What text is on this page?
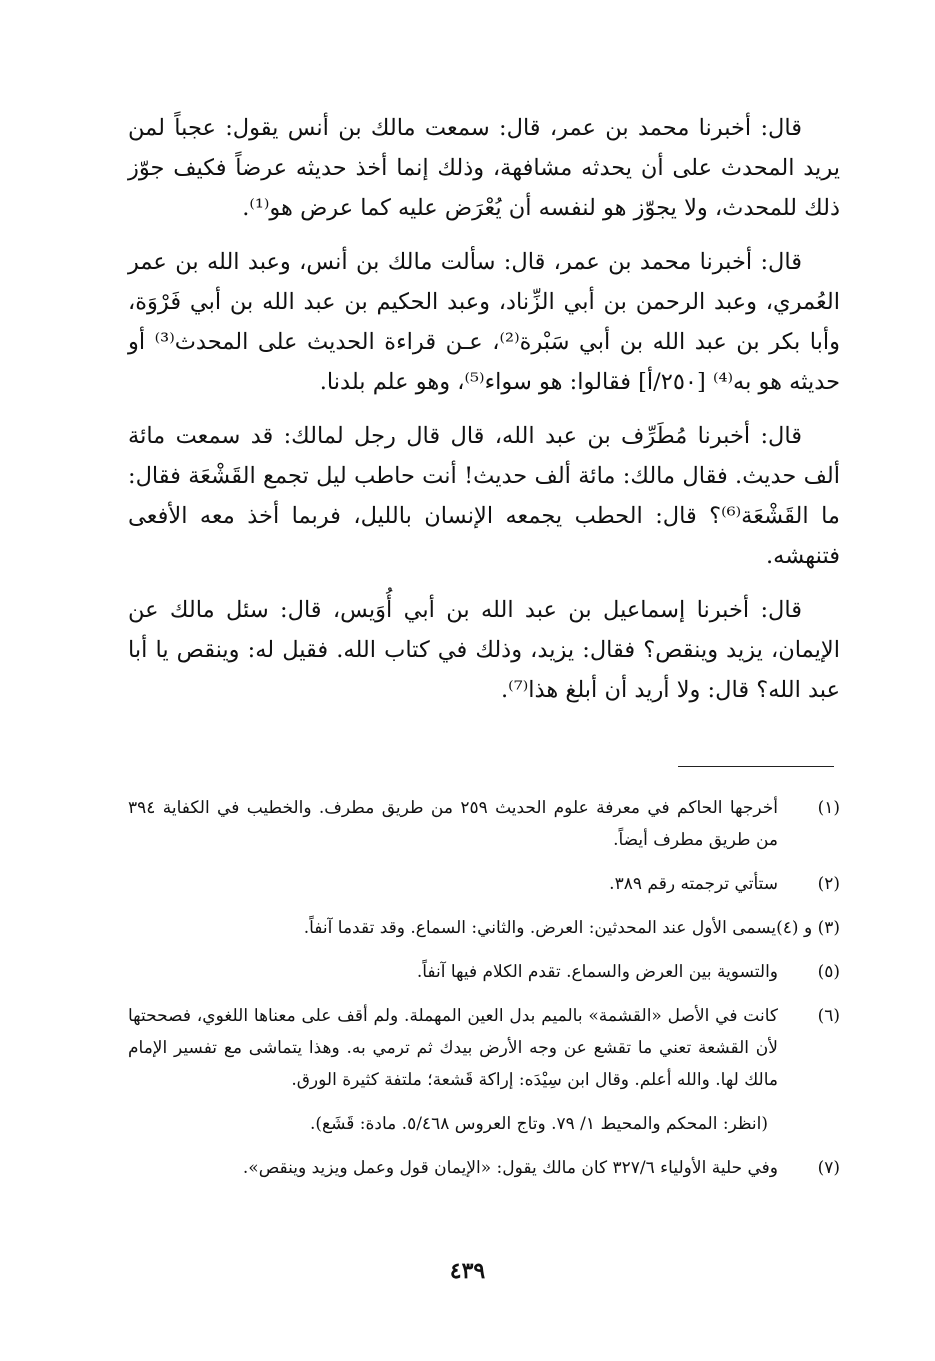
قال: أخبرنا محمد بن عمر، قال: سمعت مالك بن أنس يقول: عجباً لمن يريد المحدث على أن يحدثه مشافهة، وذلك إنما أخذ حديثه عرضاً فكيف جوّز ذلك للمحدث، ولا يجوّز هو لنفسه أن يُعْرَض عليه كما عرض هو⁽¹⁾.

قال: أخبرنا محمد بن عمر، قال: سألت مالك بن أنس، وعبد الله بن عمر العُمري، وعبد الرحمن بن أبي الزِّناد، وعبد الحكيم بن عبد الله بن أبي فَرْوَة، وأبا بكر بن عبد الله بن أبي سَبْرة⁽²⁾، عـن قراءة الحديث على المحدث⁽³⁾ أو حديثه هو به⁽⁴⁾ [٢٥٠/أ] فقالوا: هو سواء⁽⁵⁾، وهو علم بلدنا.

قال: أخبرنا مُطَرِّف بن عبد الله، قال قال رجل لمالك: قد سمعت مائة ألف حديث. فقال مالك: مائة ألف حديث! أنت حاطب ليل تجمع القَشْعَة فقال: ما القَشْعَة⁽⁶⁾؟ قال: الحطب يجمعه الإنسان بالليل، فربما أخذ معه الأفعى فتنهشه.

قال: أخبرنا إسماعيل بن عبد الله بن أبي أُوَيس، قال: سئل مالك عن الإيمان، يزيد وينقص؟ فقال: يزيد، وذلك في كتاب الله. فقيل له: وينقص يا أبا عبد الله؟ قال: ولا أريد أن أبلغ هذا⁽⁷⁾.

(١)
أخرجها الحاكم في معرفة علوم الحديث ٢٥٩ من طريق مطرف. والخطيب في الكفاية ٣٩٤ من طريق مطرف أيضاً.
(٢)
ستأتي ترجمته رقم ٣٨٩.
(٣) و (٤)
يسمى الأول عند المحدثين: العرض. والثاني: السماع. وقد تقدما آنفاً.
(٥)
والتسوية بين العرض والسماع. تقدم الكلام فيها آنفاً.
(٦)
كانت في الأصل «القشمة» بالميم بدل العين المهملة. ولم أقف على معناها اللغوي، فصححتها لأن القشعة تعني ما تقشع عن وجه الأرض بيدك ثم ترمي به. وهذا يتماشى مع تفسير الإمام مالك لها. والله أعلم. وقال ابن سِيْدَه: إراكة قَشعة؛ ملتفة كثيرة الورق.
(انظر: المحكم والمحيط ١/ ٧٩. وتاج العروس ٥/٤٦٨. مادة: قَشَع).
(٧)
وفي حلية الأولياء ٣٢٧/٦ كان مالك يقول: «الإيمان قول وعمل ويزيد وينقص».
٤٣٩
